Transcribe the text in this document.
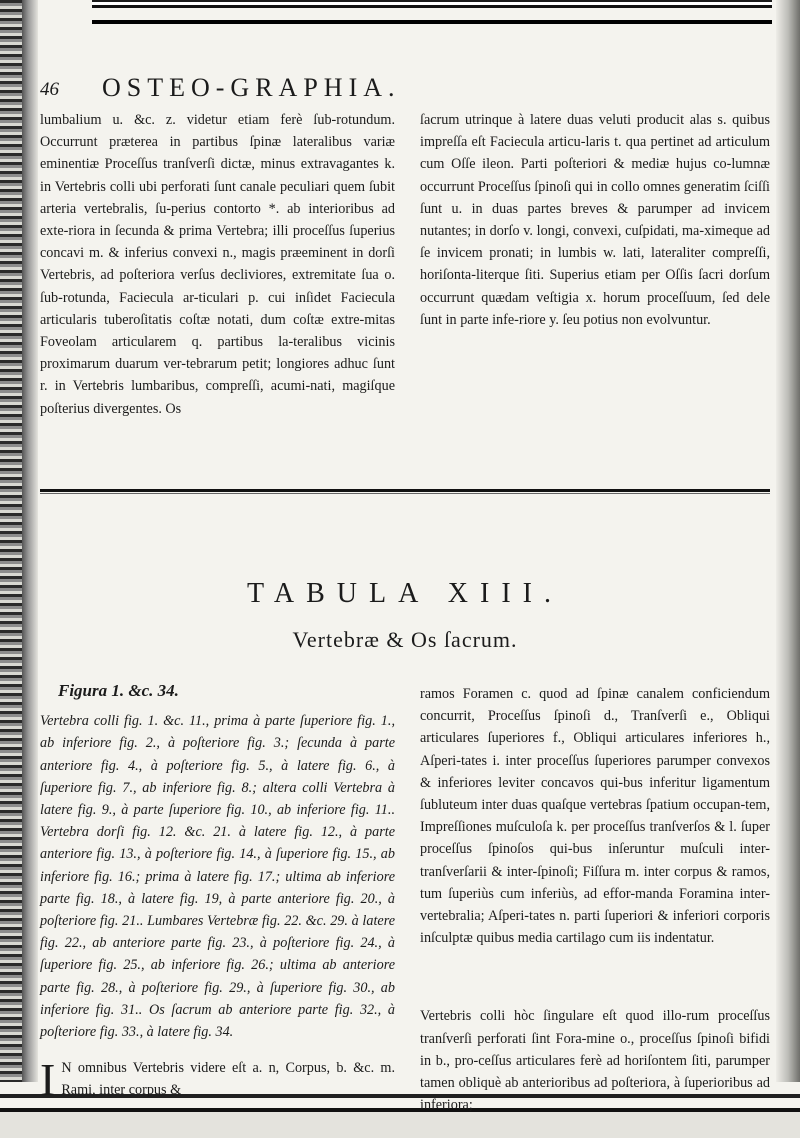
46 OSTEO-GRAPHIA.

lumbalium u. &c. z. videtur etiam ferè ſub-rotundum. Occurrunt præterea in partibus ſpinæ lateralibus variæ eminentiæ Proceſſus tranſverſi dictæ, minus extravagantes k. in Vertebris colli ubi perforati ſunt canale peculiari quem ſubit arteria vertebralis, ſu-perius contorto *. ab interioribus ad exte-riora in ſecunda & prima Vertebra; illi proceſſus ſuperius concavi m. & inferius convexi n., magis præeminent in dorſi Vertebris, ad poſteriora verſus decliviores, extremitate ſua o. ſub-rotunda, Faciecula ar-ticulari p. cui inſidet Faciecula articularis tuberoſitatis coſtæ notati, dum coſtæ extre-mitas Foveolam articularem q. partibus la-teralibus vicinis proximarum duarum ver-tebrarum petit; longiores adhuc ſunt r. in Vertebris lumbaribus, compreſſi, acumi-nati, magiſque poſterius divergentes. Os

ſacrum utrinque à latere duas veluti producit alas s. quibus impreſſa eſt Faciecula articu-laris t. qua pertinet ad articulum cum Oſſe ileon. Parti poſteriori & mediæ hujus co-lumnæ occurrunt Proceſſus ſpinoſi qui in collo omnes generatim ſciſſi ſunt u. in duas partes breves & parumper ad invicem nutantes; in dorſo v. longi, convexi, cuſpidati, ma-ximeque ad ſe invicem pronati; in lumbis w. lati, lateraliter compreſſi, horiſonta-literque ſiti. Superius etiam per Oſſis ſacri dorſum occurrunt quædam veſtigia x. horum proceſſuum, ſed dele ſunt in parte infe-riore y. ſeu potius non evolvuntur.

TABULA XIII.
Vertebræ & Os ſacrum.
Figura 1. &c. 34.

Vertebra colli fig. 1. &c. 11., prima à parte ſuperiore fig. 1., ab inferiore fig. 2., à poſteriore fig. 3.; ſecunda à parte anteriore fig. 4., à poſteriore fig. 5., à latere fig. 6., à ſuperiore fig. 7., ab inferiore fig. 8.; altera colli Vertebra à latere fig. 9., à parte ſuperiore fig. 10., ab inferiore fig. 11.. Vertebra dorſi fig. 12. &c. 21. à latere fig. 12., à parte anteriore fig. 13., à poſteriore fig. 14., à ſuperiore fig. 15., ab inferiore fig. 16.; prima à latere fig. 17.; ultima ab inferiore parte fig. 18., à latere fig. 19, à parte anteriore fig. 20., à poſteriore fig. 21.. Lumbares Vertebræ fig. 22. &c. 29. à latere fig. 22., ab anteriore parte fig. 23., à poſteriore fig. 24., à ſuperiore fig. 25., ab inferiore fig. 26.; ultima ab anteriore parte fig. 28., à poſteriore fig. 29., à ſuperiore fig. 30., ab inferiore fig. 31.. Os ſacrum ab anteriore parte fig. 32., à poſteriore fig. 33., à latere fig. 34.

I N omnibus Vertebris videre eſt a. n, Corpus, b. &c. m. Rami, inter corpus &

ramos Foramen c. quod ad ſpinæ canalem conficiendum concurrit, Proceſſus ſpinoſi d., Tranſverſi e., Obliqui articulares ſuperiores f., Obliqui articulares inferiores h., Aſperi-tates i. inter proceſſus ſuperiores parumper convexos & inferiores leviter concavos qui-bus inferitur ligamentum ſubluteum inter duas quaſque vertebras ſpatium occupan-tem, Impreſſiones muſculoſa k. per proceſſus tranſverſos & l. ſuper proceſſus ſpinoſos qui-bus inſeruntur muſculi inter-tranſverſarii & inter-ſpinoſi; Fiſſura m. inter corpus & ramos, tum ſuperiùs cum inferiùs, ad effor-manda Foramina inter-vertebralia; Aſperi-tates n. parti ſuperiori & inferiori corporis inſculptæ quibus media cartilago cum iis indentatur.

Vertebris colli hòc ſingulare eſt quod illo-rum proceſſus tranſverſi perforati ſint Fora-mine o., proceſſus ſpinoſi bifidi in b., pro-ceſſus articulares ferè ad horiſontem ſiti, parumper tamen obliquè ab anterioribus ad poſteriora, à ſuperioribus ad inferiora;
